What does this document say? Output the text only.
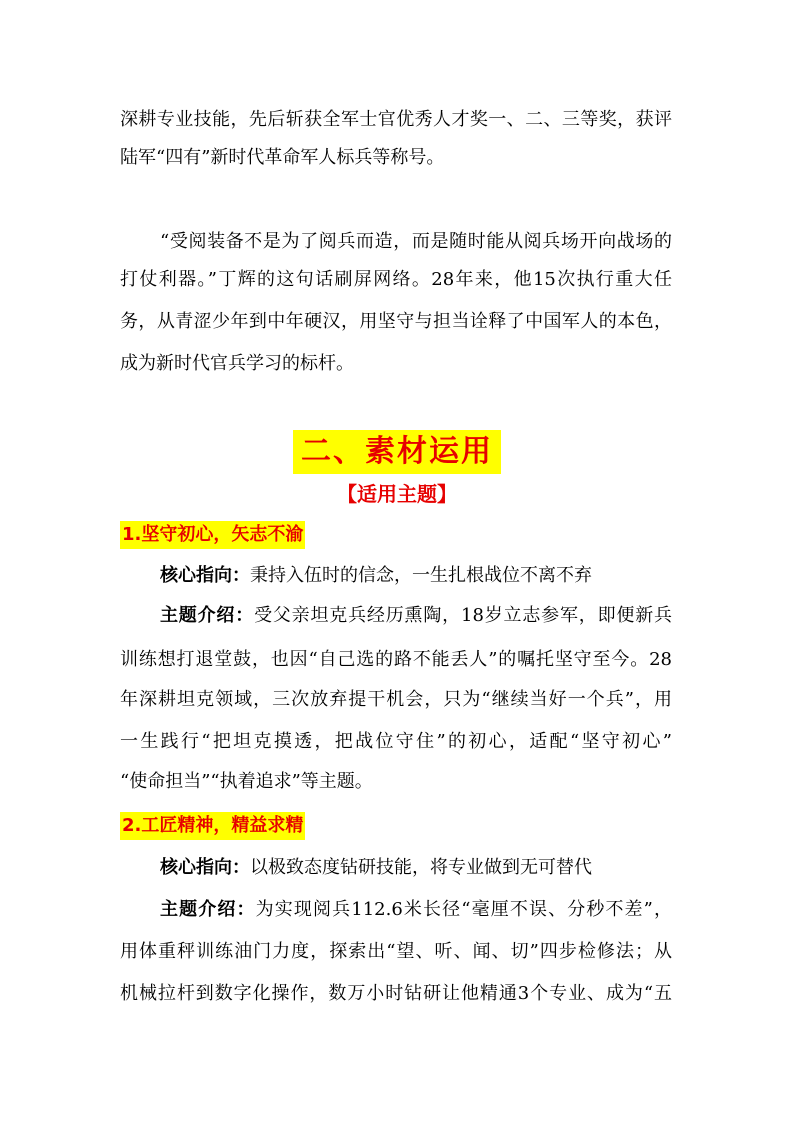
深耕专业技能，先后斩获全军士官优秀人才奖一、二、三等奖，获评
陆军“四有”新时代革命军人标兵等称号。
“受阅装备不是为了阅兵而造，而是随时能从阅兵场开向战场的
打仗利器。”丁辉的这句话刷屏网络。28年来，他15次执行重大任
务，从青涩少年到中年硬汉，用坚守与担当诠释了中国军人的本色，
成为新时代官兵学习的标杆。
二、素材运用
【适用主题】
1.坚守初心，矢志不渝
核心指向：秉持入伍时的信念，一生扎根战位不离不弃
主题介绍：受父亲坦克兵经历熏陶，18岁立志参军，即便新兵
训练想打退堂鼓，也因“自己选的路不能丢人”的嘱托坚守至今。28
年深耕坦克领域，三次放弃提干机会，只为“继续当好一个兵”，用
一生践行“把坦克摸透，把战位守住”的初心，适配“坚守初心”
“使命担当”“执着追求”等主题。
2.工匠精神，精益求精
核心指向：以极致态度钻研技能，将专业做到无可替代
主题介绍：为实现阅兵112.6米长径“毫厘不误、分秒不差”，
用体重秤训练油门力度，探索出“望、听、闻、切”四步检修法；从
机械拉杆到数字化操作，数万小时钻研让他精通3个专业、成为“五
